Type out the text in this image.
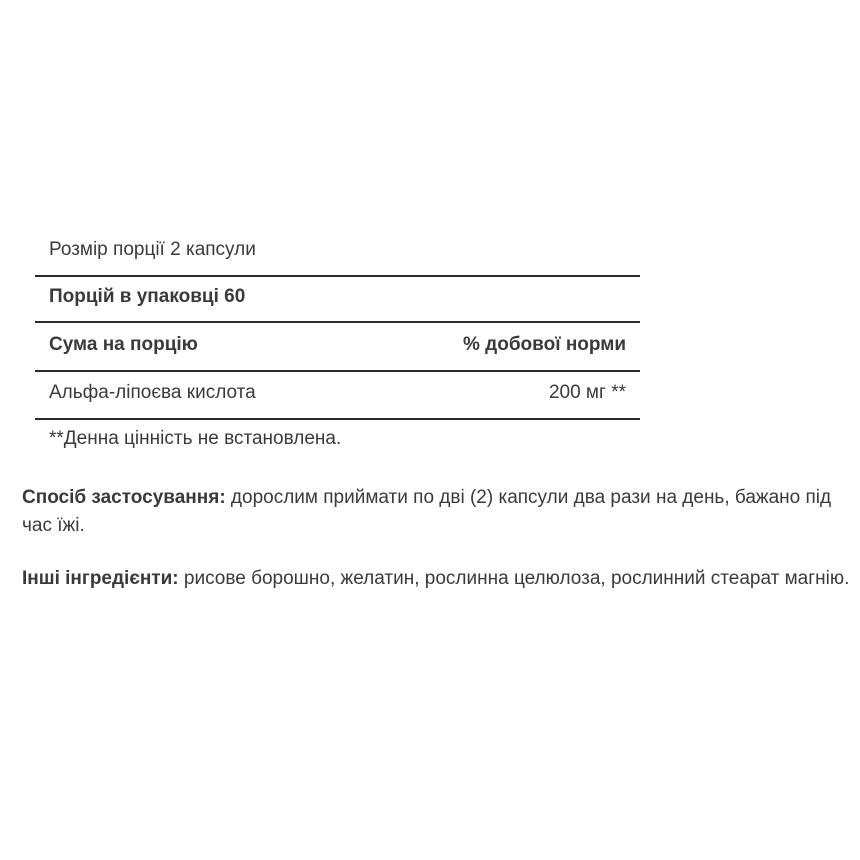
Розмір порції 2 капсули
Порцій в упаковці 60
Сума на порцію	% добової норми
Альфа-ліпоєва кислота	200 мг **
**Денна цінність не встановлена.
Спосіб застосування: дорослим приймати по дві (2) капсули два рази на день, бажано під час їжі.
Інші інгредієнти: рисове борошно, желатин, рослинна целюлоза, рослинний стеарат магнію.
